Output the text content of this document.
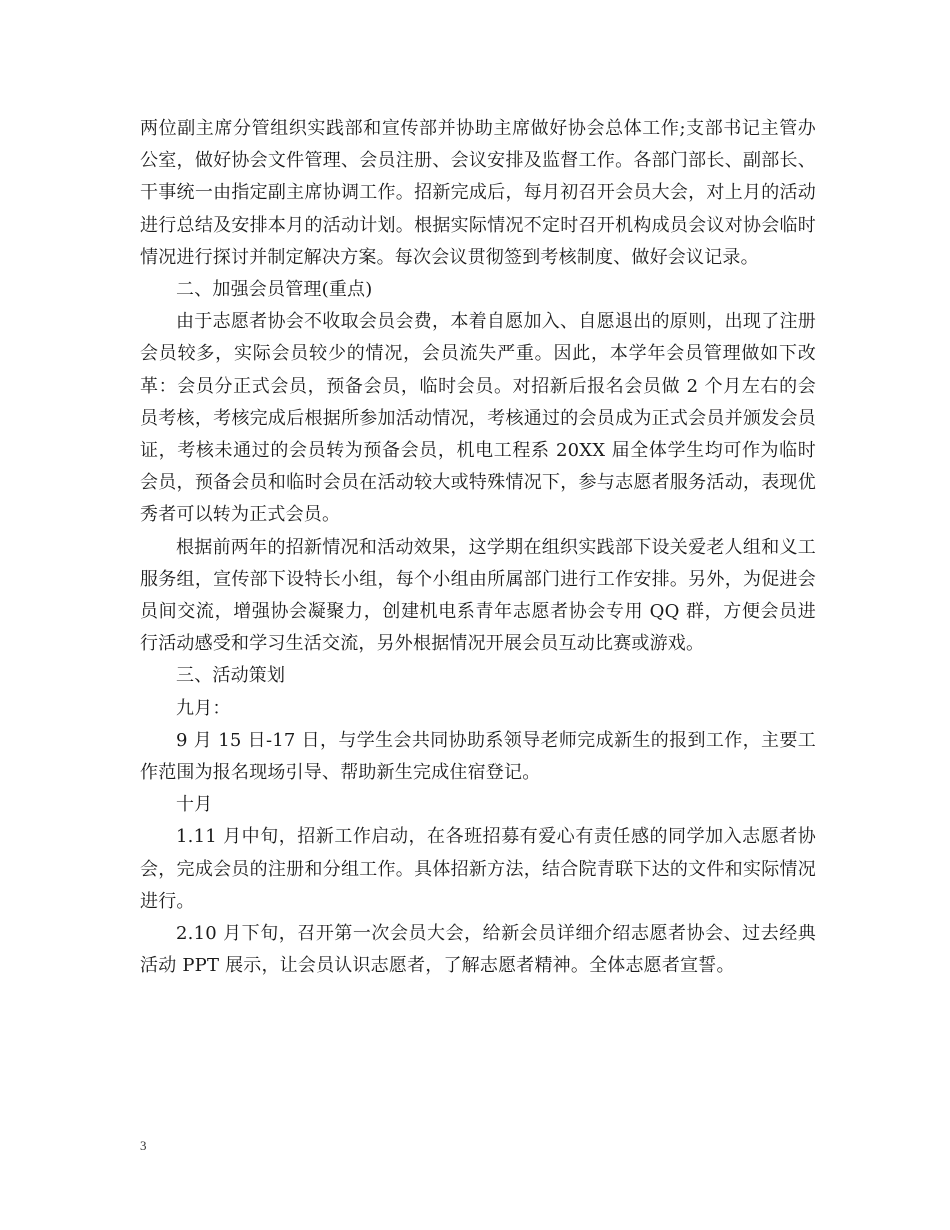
两位副主席分管组织实践部和宣传部并协助主席做好协会总体工作;支部书记主管办公室，做好协会文件管理、会员注册、会议安排及监督工作。各部门部长、副部长、干事统一由指定副主席协调工作。招新完成后，每月初召开会员大会，对上月的活动进行总结及安排本月的活动计划。根据实际情况不定时召开机构成员会议对协会临时情况进行探讨并制定解决方案。每次会议贯彻签到考核制度、做好会议记录。

二、加强会员管理(重点)

由于志愿者协会不收取会员会费，本着自愿加入、自愿退出的原则，出现了注册会员较多，实际会员较少的情况，会员流失严重。因此，本学年会员管理做如下改革：会员分正式会员，预备会员，临时会员。对招新后报名会员做 2 个月左右的会员考核，考核完成后根据所参加活动情况，考核通过的会员成为正式会员并颁发会员证，考核未通过的会员转为预备会员，机电工程系 20XX 届全体学生均可作为临时会员，预备会员和临时会员在活动较大或特殊情况下，参与志愿者服务活动，表现优秀者可以转为正式会员。

根据前两年的招新情况和活动效果，这学期在组织实践部下设关爱老人组和义工服务组，宣传部下设特长小组，每个小组由所属部门进行工作安排。另外，为促进会员间交流，增强协会凝聚力，创建机电系青年志愿者协会专用 QQ 群，方便会员进行活动感受和学习生活交流，另外根据情况开展会员互动比赛或游戏。

三、活动策划

九月：

9 月 15 日-17 日，与学生会共同协助系领导老师完成新生的报到工作，主要工作范围为报名现场引导、帮助新生完成住宿登记。

十月

1.11 月中旬，招新工作启动，在各班招募有爱心有责任感的同学加入志愿者协会，完成会员的注册和分组工作。具体招新方法，结合院青联下达的文件和实际情况进行。

2.10 月下旬，召开第一次会员大会，给新会员详细介绍志愿者协会、过去经典活动 PPT 展示，让会员认识志愿者，了解志愿者精神。全体志愿者宣誓。

3
